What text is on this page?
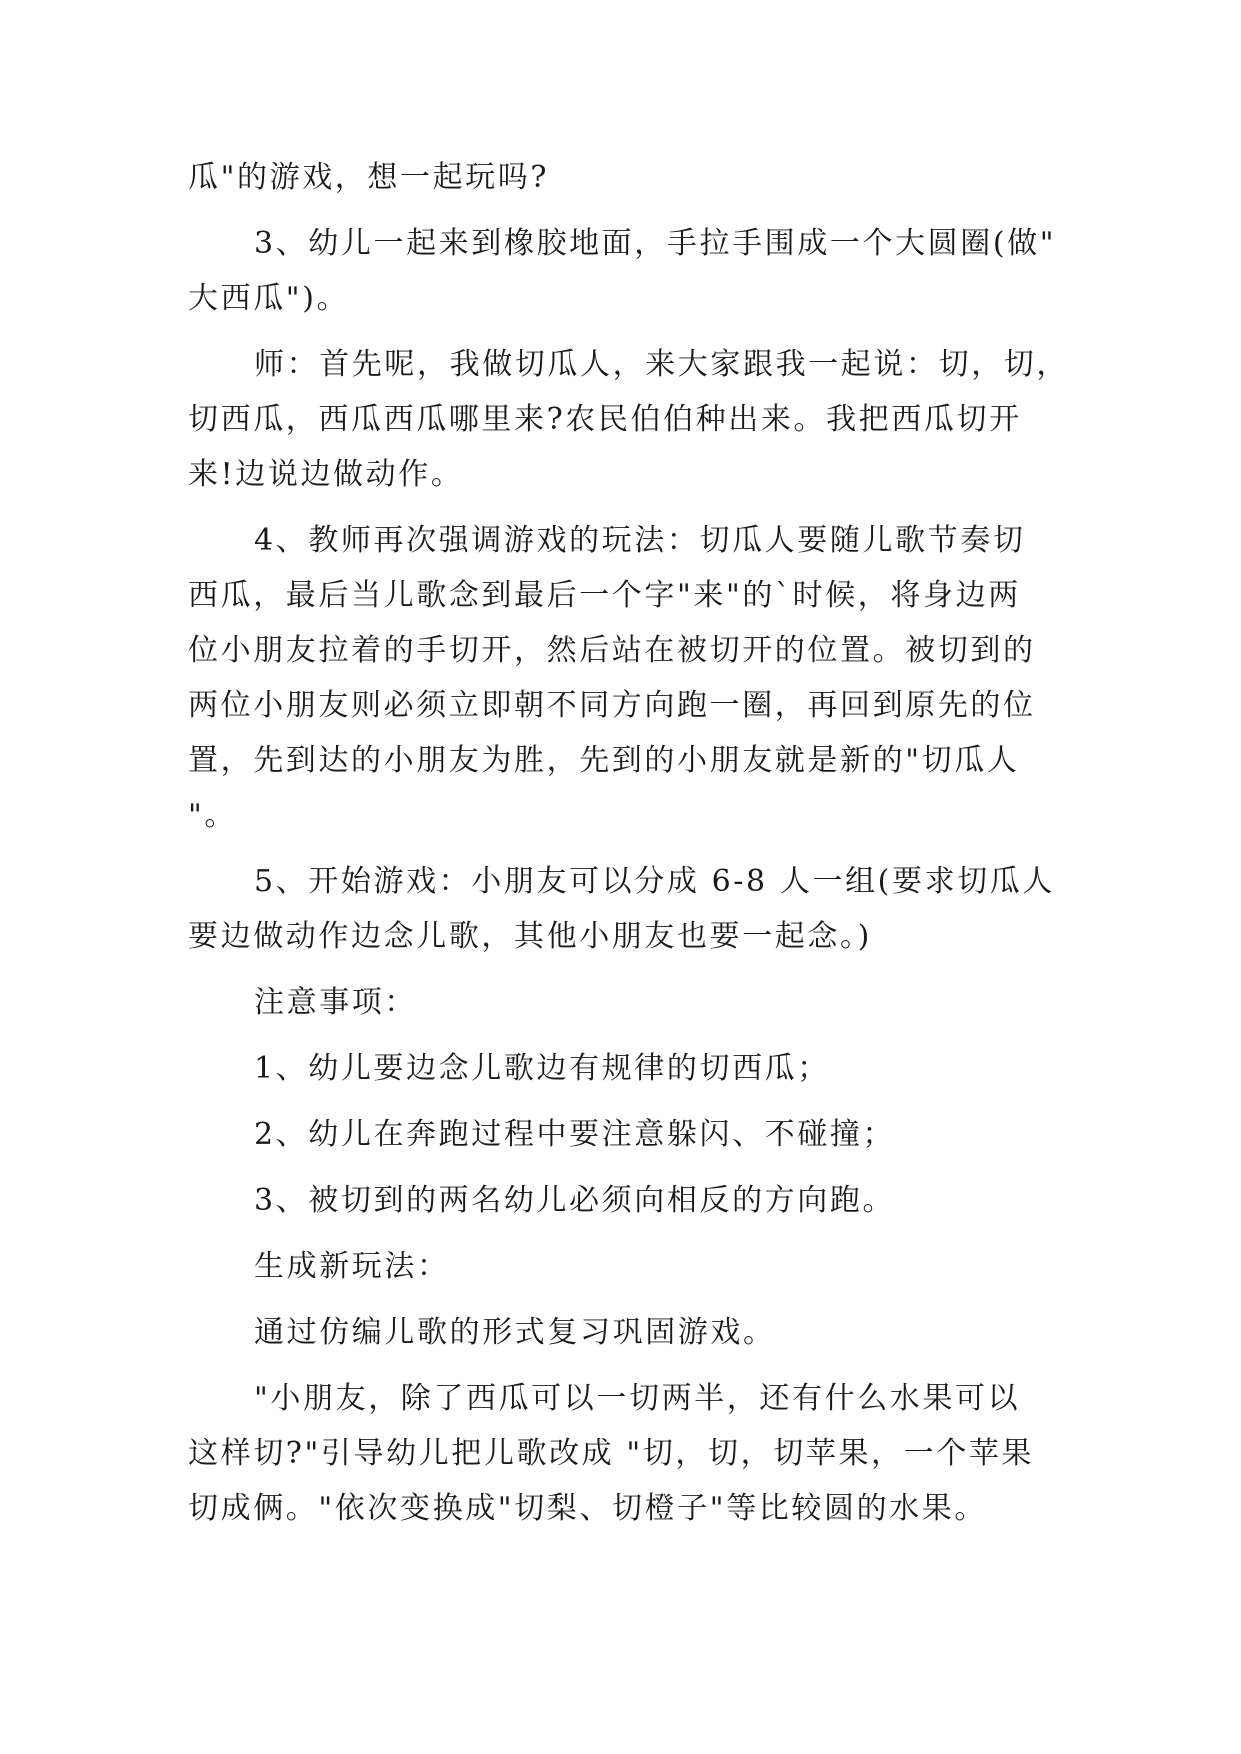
瓜"的游戏，想一起玩吗?
3、幼儿一起来到橡胶地面，手拉手围成一个大圆圈(做"
大西瓜")。
师：首先呢，我做切瓜人，来大家跟我一起说：切，切，
切西瓜，西瓜西瓜哪里来?农民伯伯种出来。我把西瓜切开
来!边说边做动作。
4、教师再次强调游戏的玩法：切瓜人要随儿歌节奏切
西瓜，最后当儿歌念到最后一个字"来"的`时候，将身边两
位小朋友拉着的手切开，然后站在被切开的位置。被切到的
两位小朋友则必须立即朝不同方向跑一圈，再回到原先的位
置，先到达的小朋友为胜，先到的小朋友就是新的"切瓜人
"。
5、开始游戏：小朋友可以分成 6-8 人一组(要求切瓜人
要边做动作边念儿歌，其他小朋友也要一起念。)
注意事项：
1、幼儿要边念儿歌边有规律的切西瓜；
2、幼儿在奔跑过程中要注意躲闪、不碰撞；
3、被切到的两名幼儿必须向相反的方向跑。
生成新玩法：
通过仿编儿歌的形式复习巩固游戏。
"小朋友，除了西瓜可以一切两半，还有什么水果可以
这样切?"引导幼儿把儿歌改成 "切，切，切苹果，一个苹果
切成俩。"依次变换成"切梨、切橙子"等比较圆的水果。
